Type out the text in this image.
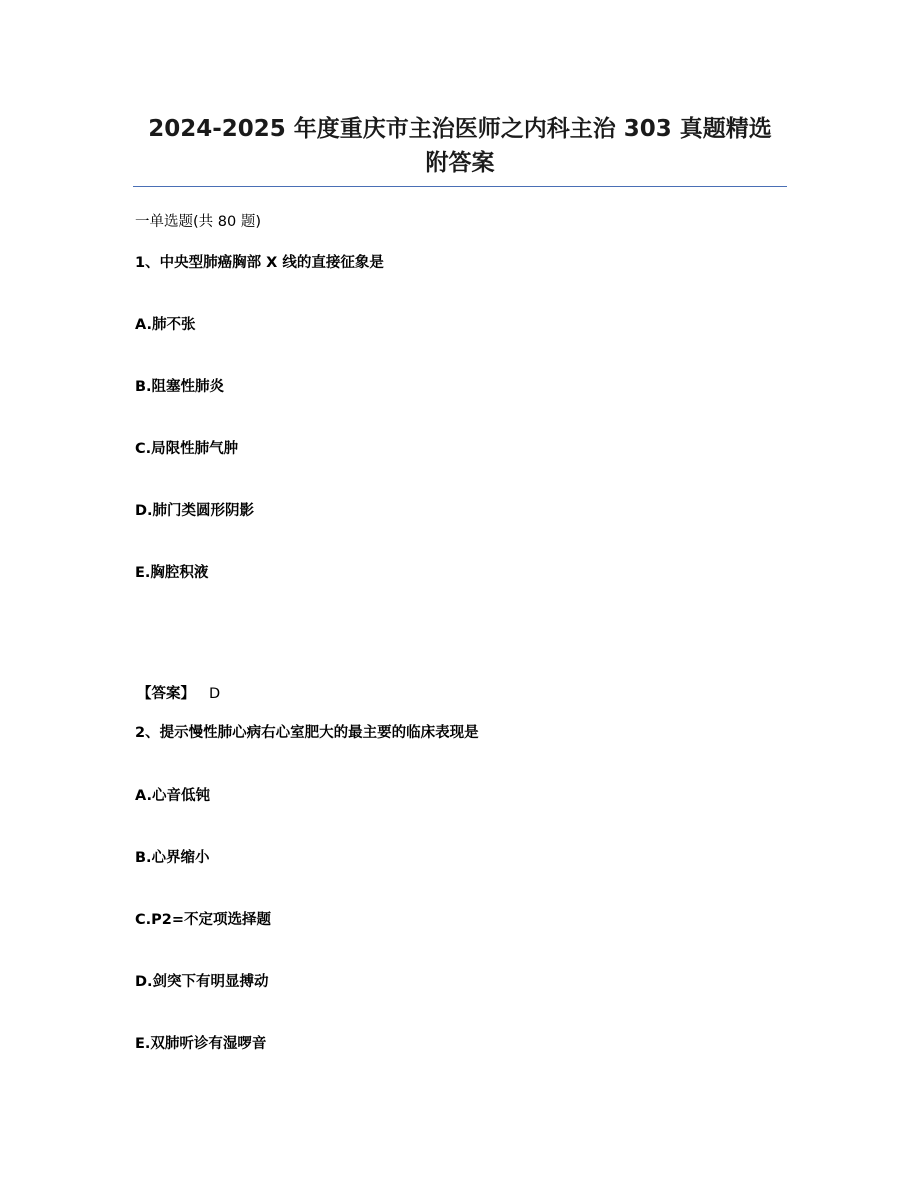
2024-2025 年度重庆市主治医师之内科主治 303 真题精选
附答案
一单选题(共 80 题)
1、中央型肺癌胸部 X 线的直接征象是
A.肺不张
B.阻塞性肺炎
C.局限性肺气肿
D.肺门类圆形阴影
E.胸腔积液
【答案】 D
2、提示慢性肺心病右心室肥大的最主要的临床表现是
A.心音低钝
B.心界缩小
C.P2=不定项选择题
D.剑突下有明显搏动
E.双肺听诊有湿啰音
